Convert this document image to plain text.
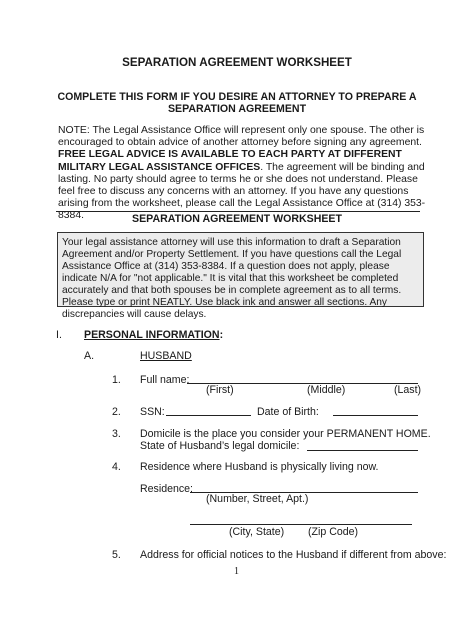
SEPARATION AGREEMENT WORKSHEET
COMPLETE THIS FORM IF YOU DESIRE AN ATTORNEY TO PREPARE A
SEPARATION AGREEMENT
NOTE: The Legal Assistance Office will represent only one spouse. The other is encouraged to obtain advice of another attorney before signing any agreement. FREE LEGAL ADVICE IS AVAILABLE TO EACH PARTY AT DIFFERENT MILITARY LEGAL ASSISTANCE OFFICES. The agreement will be binding and lasting. No party should agree to terms he or she does not understand. Please feel free to discuss any concerns with an attorney. If you have any questions arising from the worksheet, please call the Legal Assistance Office at (314) 353-8384.	SEPARATION AGREEMENT WORKSHEET
Your legal assistance attorney will use this information to draft a Separation Agreement and/or Property Settlement. If you have questions call the Legal Assistance Office at (314) 353-8384. If a question does not apply, please indicate N/A for "not applicable." It is vital that this worksheet be completed accurately and that both spouses be in complete agreement as to all terms. Please type or print NEATLY. Use black ink and answer all sections. Any discrepancies will cause delays.
I. PERSONAL INFORMATION:
A.	HUSBAND
1. Full name:
(First)	(Middle)	(Last)
2. SSN:	Date of Birth:
3. Domicile is the place you consider your PERMANENT HOME.
State of Husband’s legal domicile:
4. Residence where Husband is physically living now.
Residence:
(Number, Street, Apt.)
(City, State) (Zip Code)
5. Address for official notices to the Husband if different from above:
1
